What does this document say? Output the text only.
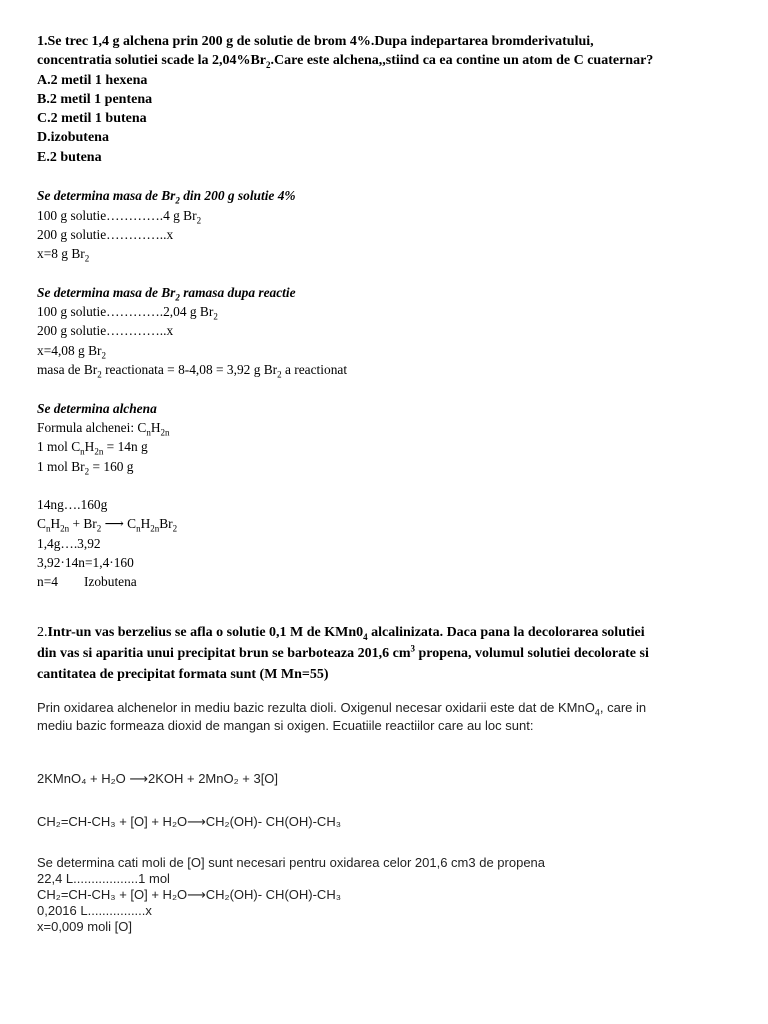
1.Se trec 1,4 g alchena prin 200 g de solutie de brom 4%.Dupa indepartarea bromderivatului,

concentratia solutiei scade la $2,04\%Br_2.Care$ este alchena,,stiind ca ea contine un atom de C cuaternar?

A.2 metil 1 hexena

B.2 metil 1 pentena

C.2 metil 1 butena

D.izobutena

E.2 butena

Se determina masa de $Br_2$ din 200 g solutie 4%

100 g solutie………….4 g $Br_2$

200 g solutie…………..x

x=8 g $Br_2$

Se determina masa de $Br_2$ ramasa dupa reactie

100 g solutie………….2,04 g $Br_2$

200 g solutie…………..x

x=4,08 g $Br_2$

masa de $Br_2$ reactionata = 8-4,08 = 3,92 g $Br_2$ a reactionat

Se determina alchena

Formula alchenei: $C_nH_{2n}$

1 mol $C_nH_{2n} = 14n$ g

1 mol $Br_2 = 160$ g

14ng….160g

$C_nH_{2n} + Br_2$ ⟶ $C_nH_{2n}Br_2$

1,4g….3,92

3,92·14n=1,4·160

n=4 Izobutena

2.Intr-un vas berzelius se afla o solutie 0,1 M de $KMn0_4$ alcalinizata. Daca pana la decolorarea solutiei

din vas si aparitia unui precipitat brun se barboteaza 201,6 $cm^3$ propena, volumul solutiei decolorate si

cantitatea de precipitat formata sunt (M Mn=55)

Prin oxidarea alchenelor in mediu bazic rezulta dioli. Oxigenul necesar oxidarii este dat de KMnO$_4$, care in

mediu bazic formeaza dioxid de mangan si oxigen. Ecuatiile reactiilor care au loc sunt:

2KMnO₄ + H₂O ⟶2KOH + 2MnO₂ + 3[O]

CH₂=CH-CH₃ + [O] + H₂O⟶CH₂(OH)- CH(OH)-CH₃

Se determina cati moli de [O] sunt necesari pentru oxidarea celor 201,6 cm3 de propena

22,4 L..................1 mol

CH₂=CH-CH₃ + [O] + H₂O⟶CH₂(OH)- CH(OH)-CH₃

0,2016 L................x

x=0,009 moli [O]
